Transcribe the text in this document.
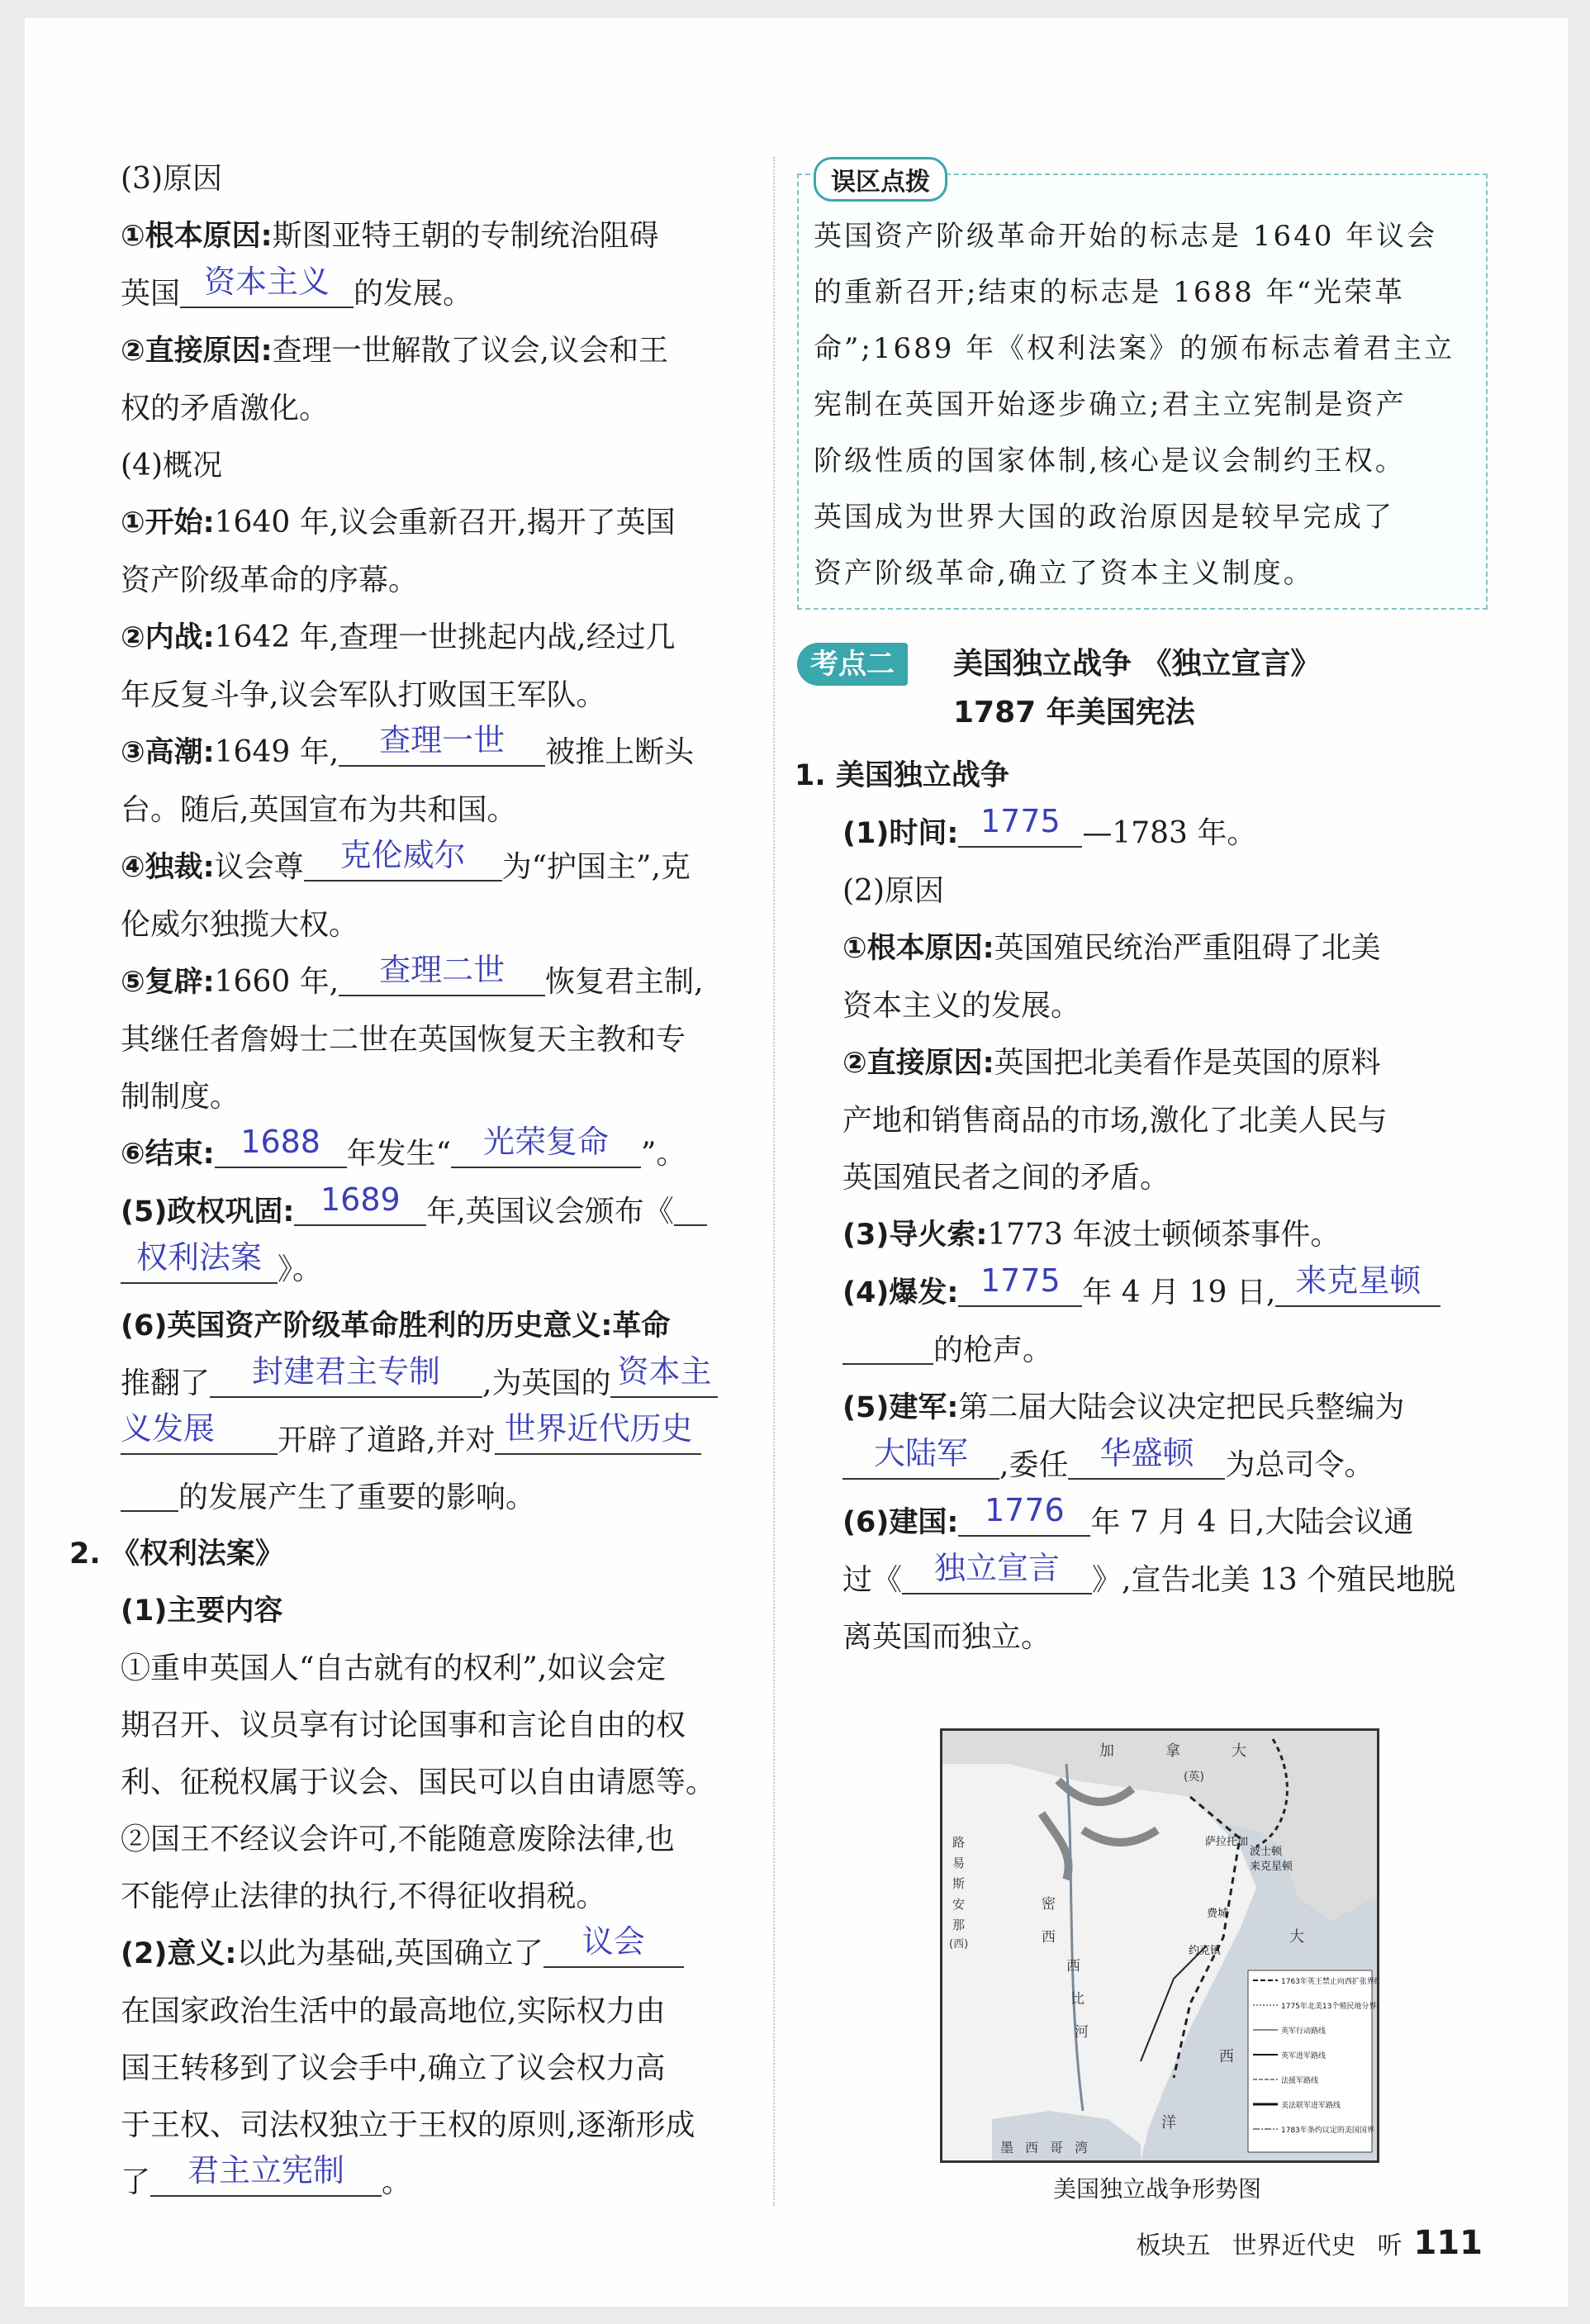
(3)原因
①根本原因:斯图亚特王朝的专制统治阻碍
英国 资本主义 的发展。
②直接原因:查理一世解散了议会,议会和王
权的矛盾激化。
(4)概况
①开始:1640 年,议会重新召开,揭开了英国
资产阶级革命的序幕。
②内战:1642 年,查理一世挑起内战,经过几
年反复斗争,议会军队打败国王军队。
③高潮:1649 年,	查理一世	被推上断头
台。随后,英国宣布为共和国。
④独裁:议会尊	克伦威尔	为“护国主”,克
伦威尔独揽大权。
⑤复辟:1660 年,	查理二世	恢复君主制,
其继任者詹姆士二世在英国恢复天主教和专
制制度。
⑥结束: 1688 年发生“	光荣复命	”。
(5)政权巩固: 1689 年,英国议会颁布《
权利法案 》。
(6)英国资产阶级革命胜利的历史意义:革命
推翻了	封建君主专制	,为英国的 资本主
义发展	开辟了道路,并对 世界近代历史
的发展产生了重要的影响。
2. 《权利法案》
(1)主要内容
①重申英国人“自古就有的权利”,如议会定
期召开、议员享有讨论国事和言论自由的权
利、征税权属于议会、国民可以自由请愿等。
②国王不经议会许可,不能随意废除法律,也
不能停止法律的执行,不得征收捐税。
(2)意义:以此为基础,英国确立了	议会
在国家政治生活中的最高地位,实际权力由
国王转移到了议会手中,确立了议会权力高
于王权、司法权独立于王权的原则,逐渐形成
了	君主立宪制	。
误区点拨
英国资产阶级革命开始的标志是 1640 年议会
的重新召开;结束的标志是 1688 年“光荣革
命”;1689 年《权利法案》的颁布标志着君主立
宪制在英国开始逐步确立;君主立宪制是资产
阶级性质的国家体制,核心是议会制约王权。
英国成为世界大国的政治原因是较早完成了
资产阶级革命,确立了资本主义制度。
考点二	美国独立战争 《独立宣言》
1787 年美国宪法
1. 美国独立战争
(1)时间: 1775 —1783 年。
(2)原因
①根本原因:英国殖民统治严重阻碍了北美
资本主义的发展。
②直接原因:英国把北美看作是英国的原料
产地和销售商品的市场,激化了北美人民与
英国殖民者之间的矛盾。
(3)导火索:1773 年波士顿倾茶事件。
(4)爆发: 1775 年 4 月 19 日, 来克星顿
的枪声。
(5)建军:第二届大陆会议决定把民兵整编为
大陆军	,委任 华盛顿	为总司令。
(6)建国: 1776 年 7 月 4 日,大陆会议通
过《	独立宣言	》,宣告北美 13 个殖民地脱
离英国而独立。
加	拿	大
(英)
波士顿
来克星顿
萨拉托加
费城
约克镇
密
西
西
比
河
大
西
洋
墨 西 哥 湾
路
易
斯
安
那
(西)
1763年英王禁止向西扩张界线
1775年北美13个殖民地分界线
英军行动路线
英军进军路线
法援军路线
美法联军进军路线
1783年条约议定的美国国界
美国独立战争形势图
板块五 世界近代史 听 111
